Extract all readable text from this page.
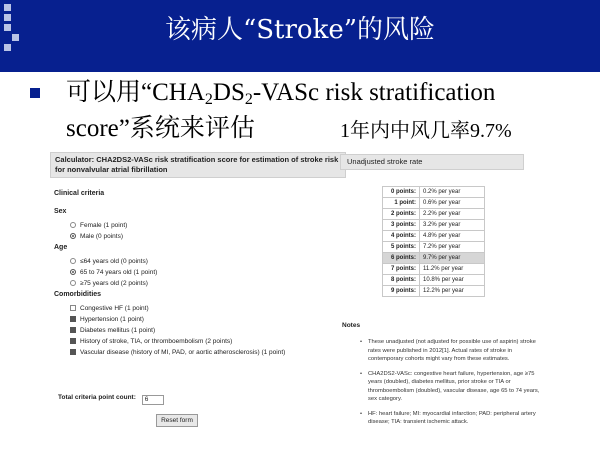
该病人“Stroke”的风险
可以用“$CHA_2DS_2$-VASc risk stratification
score”系统来评估	1年内中风几率9.7%
Calculator: CHA2DS2-VASc risk stratification score for estimation of stroke risk for nonvalvular atrial fibrillation
Clinical criteria
Sex
Female (1 point)
Male (0 points)
Age
≤64 years old (0 points)
65 to 74 years old (1 point)
≥75 years old (2 points)
Comorbidities
Congestive HF (1 point)
Hypertension (1 point)
Diabetes mellitus (1 point)
History of stroke, TIA, or thromboembolism (2 points)
Vascular disease (history of MI, PAD, or aortic atherosclerosis) (1 point)
Total criteria point count: 6
Reset form
Unadjusted stroke rate
0 points:	0.2% per year
1 point:	0.6% per year
2 points:	2.2% per year
3 points:	3.2% per year
4 points:	4.8% per year
5 points:	7.2% per year
6 points:	9.7% per year
7 points:	11.2% per year
8 points:	10.8% per year
9 points:	12.2% per year
Notes
• These unadjusted (not adjusted for possible use of aspirin) stroke rates were published in 2012[1]. Actual rates of stroke in contemporary cohorts might vary from these estimates.
• CHA2DS2-VASc: congestive heart failure, hypertension, age ≥75 years (doubled), diabetes mellitus, prior stroke or TIA or thromboembolism (doubled), vascular disease, age 65 to 74 years, sex category.
• HF: heart failure; MI: myocardial infarction; PAD: peripheral artery disease; TIA: transient ischemic attack.
